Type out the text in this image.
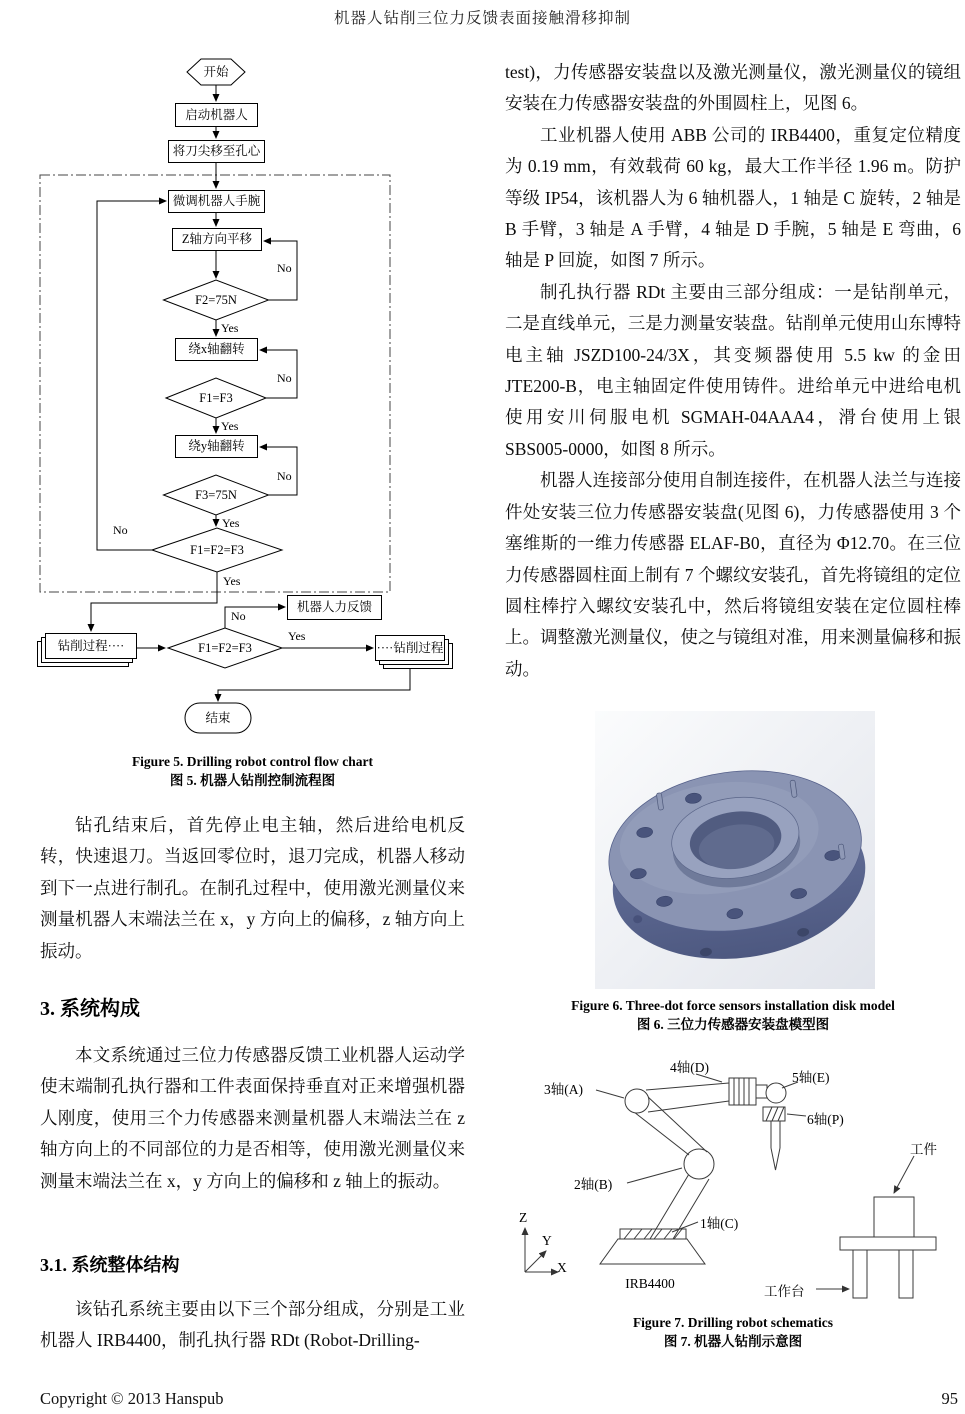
机器人钻削三位力反馈表面接触滑移抑制
开始
启动机器人
将刀尖移至孔心
微调机器人手腕
Z轴方向平移
F2=75N
绕x轴翻转
F1=F3
绕y轴翻转
F3=75N
F1=F2=F3
机器人力反馈
F1=F2=F3
钻削过程····	····钻削过程
结束
No
Yes
No
Yes
No
Yes
No
Yes
No
Yes
Figure 5. Drilling robot control flow chart
图 5. 机器人钻削控制流程图

钻孔结束后，首先停止电主轴，然后进给电机反转，快速退刀。当返回零位时，退刀完成，机器人移动到下一点进行制孔。在制孔过程中，使用激光测量仪来测量机器人末端法兰在 x，y 方向上的偏移，z 轴方向上振动。

3. 系统构成

本文系统通过三位力传感器反馈工业机器人运动学使末端制孔执行器和工件表面保持垂直对正来增强机器人刚度，使用三个力传感器来测量机器人末端法兰在 z 轴方向上的不同部位的力是否相等，使用激光测量仪来测量末端法兰在 x，y 方向上的偏移和 z 轴上的振动。

3.1. 系统整体结构

该钻孔系统主要由以下三个部分组成，分别是工业机器人 IRB4400，制孔执行器 RDt (Robot-Drilling-

test)，力传感器安装盘以及激光测量仪，激光测量仪的镜组安装在力传感器安装盘的外围圆柱上，见图 6。

工业机器人使用 ABB 公司的 IRB4400，重复定位精度为 0.19 mm，有效载荷 60 kg，最大工作半径 1.96 m。防护等级 IP54，该机器人为 6 轴机器人，1 轴是 C 旋转，2 轴是 B 手臂，3 轴是 A 手臂，4 轴是 D 手腕，5 轴是 E 弯曲，6 轴是 P 回旋，如图 7 所示。

制孔执行器 RDt 主要由三部分组成：一是钻削单元，二是直线单元，三是力测量安装盘。钻削单元使用山东博特电主轴 JSZD100-24/3X，其变频器使用 5.5 kw 的金田 JTE200-B，电主轴固定件使用铸件。进给单元中进给电机使用安川伺服电机 SGMAH-04AAA4，滑台使用上银 SBS005-0000，如图 8 所示。

机器人连接部分使用自制连接件，在机器人法兰与连接件处安装三位力传感器安装盘(见图 6)，力传感器使用 3 个塞维斯的一维力传感器 ELAF-B0，直径为 Φ12.70。在三位力传感器圆柱面上制有 7 个螺纹安装孔，首先将镜组的定位圆柱棒拧入螺纹安装孔中，然后将镜组安装在定位圆柱棒上。调整激光测量仪，使之与镜组对准，用来测量偏移和振动。

Figure 6. Three-dot force sensors installation disk model
图 6. 三位力传感器安装盘模型图
4轴(D)
5轴(E)
3轴(A)
6轴(P)
2轴(B)
1轴(C)
工件
Z
Y
X
IRB4400
工作台
Figure 7. Drilling robot schematics
图 7. 机器人钻削示意图
Copyright © 2013 Hanspub	95
